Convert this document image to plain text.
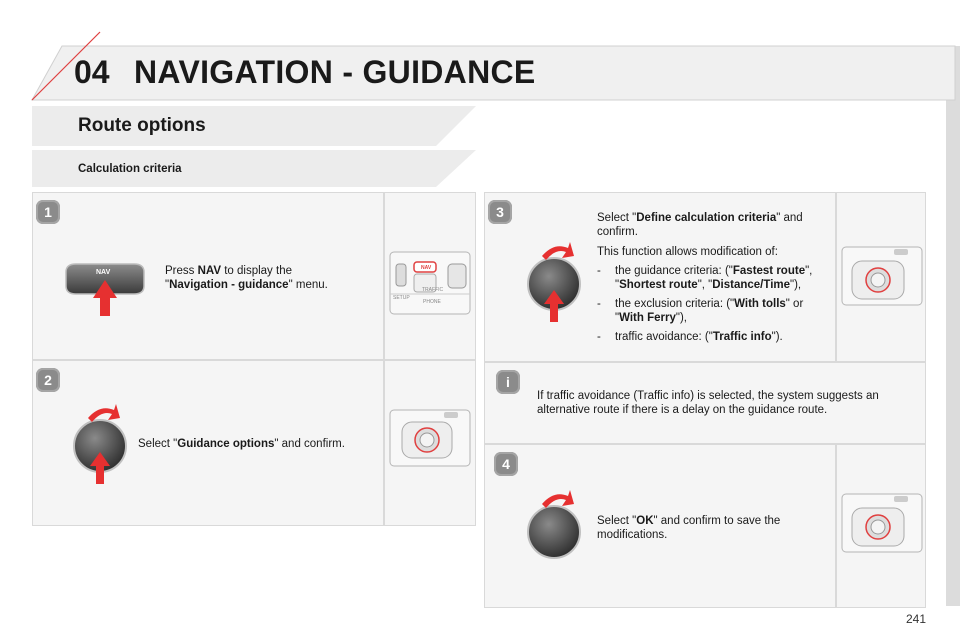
04 NAVIGATION - GUIDANCE
Route options
Calculation criteria
1
2
NAV	Press NAV to display the
"Navigation - guidance" menu.
NAV
SETUP
TRAFFIC
PHONE
Select "Guidance options" and confirm.
3
i
4
Select "Define calculation criteria" and confirm.
This function allows modification of:
-	the guidance criteria: ("Fastest route", "Shortest route", "Distance/Time"),
-	the exclusion criteria: ("With tolls" or "With Ferry"),
-	traffic avoidance: ("Traffic info").
If traffic avoidance (Traffic info) is selected, the system suggests an alternative route if there is a delay on the guidance route.
Select "OK" and confirm to save the modifications.
241
